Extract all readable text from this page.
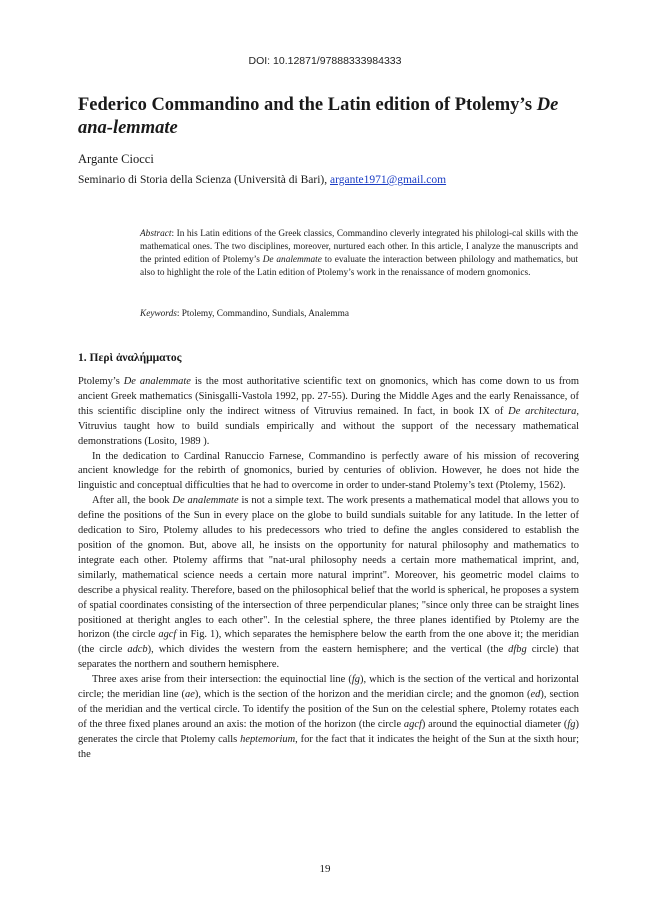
DOI: 10.12871/97888333984333
Federico Commandino and the Latin edition of Ptolemy’s De ana-lemmate
Argante Ciocci
Seminario di Storia della Scienza (Università di Bari), argante1971@gmail.com

Abstract: In his Latin editions of the Greek classics, Commandino cleverly integrated his philologi-cal skills with the mathematical ones. The two disciplines, moreover, nurtured each other. In this article, I analyze the manuscripts and the printed edition of Ptolemy’s De analemmate to evaluate the interaction between philology and mathematics, but also to highlight the role of the Latin edition of Ptolemy’s work in the renaissance of modern gnomonics.

Keywords: Ptolemy, Commandino, Sundials, Analemma

1. Περὶ ἀναλήμματος

Ptolemy’s De analemmate is the most authoritative scientific text on gnomonics, which has come down to us from ancient Greek mathematics (Sinisgalli-Vastola 1992, pp. 27-55). During the Middle Ages and the early Renaissance, of this scientific discipline only the indirect witness of Vitruvius remained. In fact, in book IX of De architectura, Vitruvius taught how to build sundials empirically and without the support of the necessary mathematical demonstrations (Losito, 1989 ).

In the dedication to Cardinal Ranuccio Farnese, Commandino is perfectly aware of his mission of recovering ancient knowledge for the rebirth of gnomonics, buried by centuries of oblivion. However, he does not hide the linguistic and conceptual difficulties that he had to overcome in order to under-stand Ptolemy’s text (Ptolemy, 1562).

After all, the book De analemmate is not a simple text. The work presents a mathematical model that allows you to define the positions of the Sun in every place on the globe to build sundials suitable for any latitude. In the letter of dedication to Siro, Ptolemy alludes to his predecessors who tried to define the angles considered to establish the position of the gnomon. But, above all, he insists on the opportunity for natural philosophy and mathematics to integrate each other. Ptolemy affirms that "nat-ural philosophy needs a certain more mathematical imprint, and, similarly, mathematical science needs a certain more natural imprint". Moreover, his geometric model claims to describe a physical reality. Therefore, based on the philosophical belief that the world is spherical, he proposes a system of spatial coordinates consisting of the intersection of three perpendicular planes; "since only three can be straight lines positioned at theright angles to each other". In the celestial sphere, the three planes identified by Ptolemy are the horizon (the circle agcf in Fig. 1), which separates the hemisphere below the earth from the one above it; the meridian (the circle adcb), which divides the western from the eastern hemisphere; and the vertical (the dfbg circle) that separates the northern and southern hemisphere.

Three axes arise from their intersection: the equinoctial line (fg), which is the section of the vertical and horizontal circle; the meridian line (ae), which is the section of the horizon and the meridian circle; and the gnomon (ed), section of the meridian and the vertical circle. To identify the position of the Sun on the celestial sphere, Ptolemy rotates each of the three fixed planes around an axis: the motion of the horizon (the circle agcf) around the equinoctial diameter (fg) generates the circle that Ptolemy calls heptemorium, for the fact that it indicates the height of the Sun at the sixth hour; the

19
